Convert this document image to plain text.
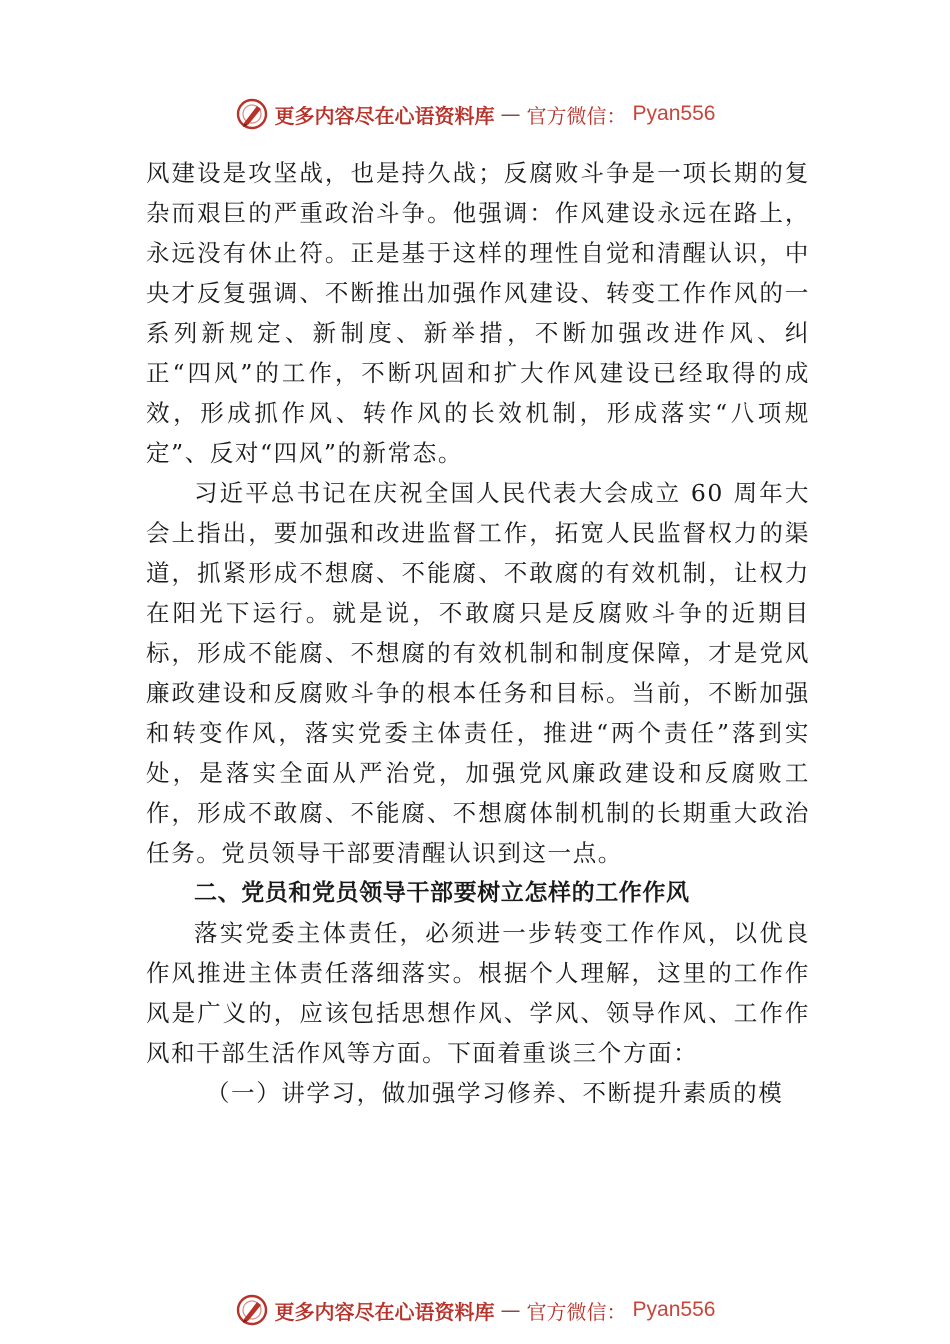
更多内容尽在心语资料库 — 官方微信： Pyan556

风建设是攻坚战，也是持久战；反腐败斗争是一项长期的复杂而艰巨的严重政治斗争。他强调：作风建设永远在路上，永远没有休止符。正是基于这样的理性自觉和清醒认识，中央才反复强调、不断推出加强作风建设、转变工作作风的一系列新规定、新制度、新举措，不断加强改进作风、纠正“四风”的工作，不断巩固和扩大作风建设已经取得的成效，形成抓作风、转作风的长效机制，形成落实“八项规定”、反对“四风”的新常态。

习近平总书记在庆祝全国人民代表大会成立 60 周年大会上指出，要加强和改进监督工作，拓宽人民监督权力的渠道，抓紧形成不想腐、不能腐、不敢腐的有效机制，让权力在阳光下运行。就是说，不敢腐只是反腐败斗争的近期目标，形成不能腐、不想腐的有效机制和制度保障，才是党风廉政建设和反腐败斗争的根本任务和目标。当前，不断加强和转变作风，落实党委主体责任，推进“两个责任”落到实处，是落实全面从严治党，加强党风廉政建设和反腐败工作，形成不敢腐、不能腐、不想腐体制机制的长期重大政治任务。党员领导干部要清醒认识到这一点。

二、党员和党员领导干部要树立怎样的工作作风

落实党委主体责任，必须进一步转变工作作风，以优良作风推进主体责任落细落实。根据个人理解，这里的工作作风是广义的，应该包括思想作风、学风、领导作风、工作作风和干部生活作风等方面。下面着重谈三个方面：

（一）讲学习，做加强学习修养、不断提升素质的模

更多内容尽在心语资料库 — 官方微信： Pyan556
